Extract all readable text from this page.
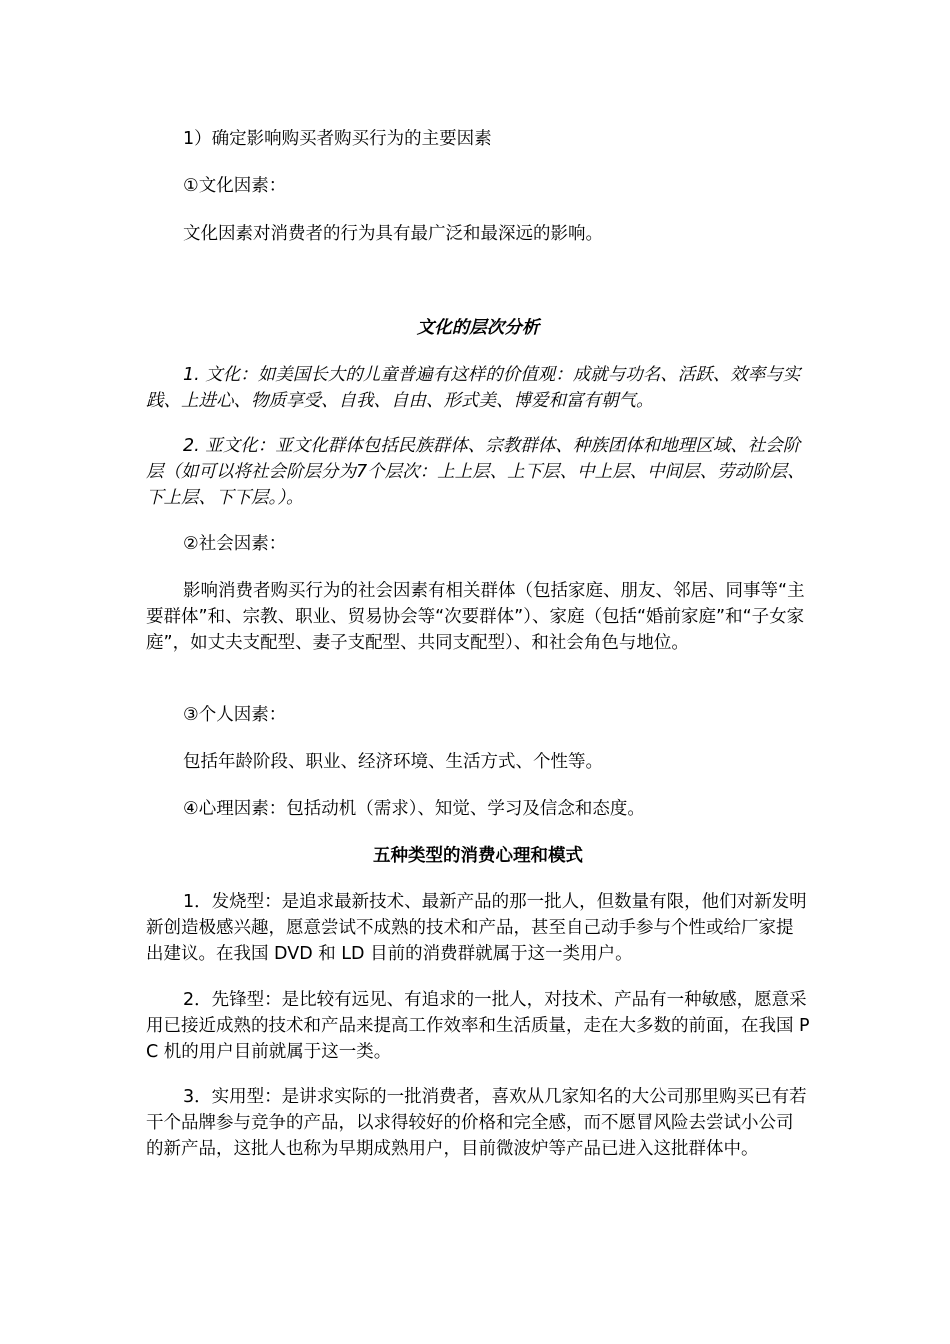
1）确定影响购买者购买行为的主要因素

①文化因素：

文化因素对消费者的行为具有最广泛和最深远的影响。

文化的层次分析

1. 文化：如美国长大的儿童普遍有这样的价值观：成就与功名、活跃、效率与实践、上进心、物质享受、自我、自由、形式美、博爱和富有朝气。

2. 亚文化：亚文化群体包括民族群体、宗教群体、种族团体和地理区域、社会阶层（如可以将社会阶层分为7个层次：上上层、上下层、中上层、中间层、劳动阶层、下上层、下下层。）。

②社会因素：

影响消费者购买行为的社会因素有相关群体（包括家庭、朋友、邻居、同事等“主要群体”和、宗教、职业、贸易协会等“次要群体”）、家庭（包括“婚前家庭”和“子女家庭”，如丈夫支配型、妻子支配型、共同支配型）、和社会角色与地位。

③个人因素：

包括年龄阶段、职业、经济环境、生活方式、个性等。

④心理因素：包括动机（需求）、知觉、学习及信念和态度。

五种类型的消费心理和模式

1．发烧型：是追求最新技术、最新产品的那一批人，但数量有限，他们对新发明新创造极感兴趣，愿意尝试不成熟的技术和产品，甚至自己动手参与个性或给厂家提出建议。在我国 DVD 和 LD 目前的消费群就属于这一类用户。

2．先锋型：是比较有远见、有追求的一批人，对技术、产品有一种敏感，愿意采用已接近成熟的技术和产品来提高工作效率和生活质量，走在大多数的前面，在我国 PC 机的用户目前就属于这一类。

3．实用型：是讲求实际的一批消费者，喜欢从几家知名的大公司那里购买已有若干个品牌参与竞争的产品，以求得较好的价格和完全感，而不愿冒风险去尝试小公司的新产品，这批人也称为早期成熟用户，目前微波炉等产品已进入这批群体中。
